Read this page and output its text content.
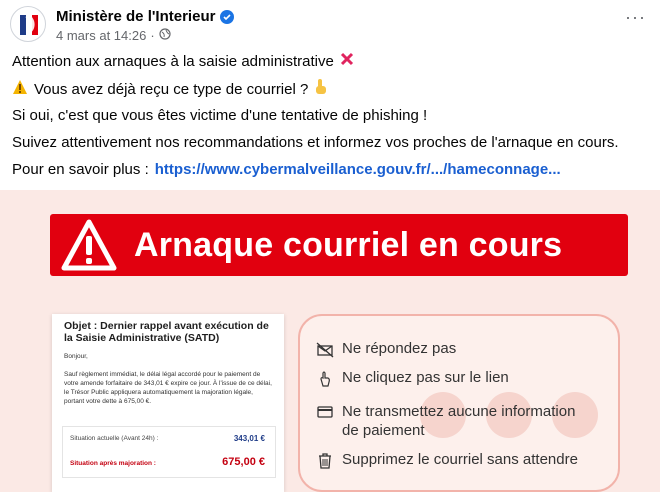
Ministère de l'Interieur
4 mars at 14:26 ·
···
Attention aux arnaques à la saisie administrative
Vous avez déjà reçu ce type de courriel ?
Si oui, c'est que vous êtes victime d'une tentative de phishing !
Suivez attentivement nos recommandations et informez vos proches de l'arnaque en cours.
Pour en savoir plus : https://www.cybermalveillance.gouv.fr/.../hameconnage...
Arnaque courriel en cours
Objet : Dernier rappel avant exécution de la Saisie Administrative (SATD)
Bonjour,
Sauf règlement immédiat, le délai légal accordé pour le paiement de votre amende forfaitaire de 343,01 € expire ce jour. À l'issue de ce délai, le Trésor Public appliquera automatiquement la majoration légale, portant votre dette à 675,00 €.
Situation actuelle (Avant 24h) :	343,01 €
Situation après majoration :	675,00 €
Ne répondez pas
Ne cliquez pas sur le lien
Ne transmettez aucune information
de paiement
Supprimez le courriel sans attendre
